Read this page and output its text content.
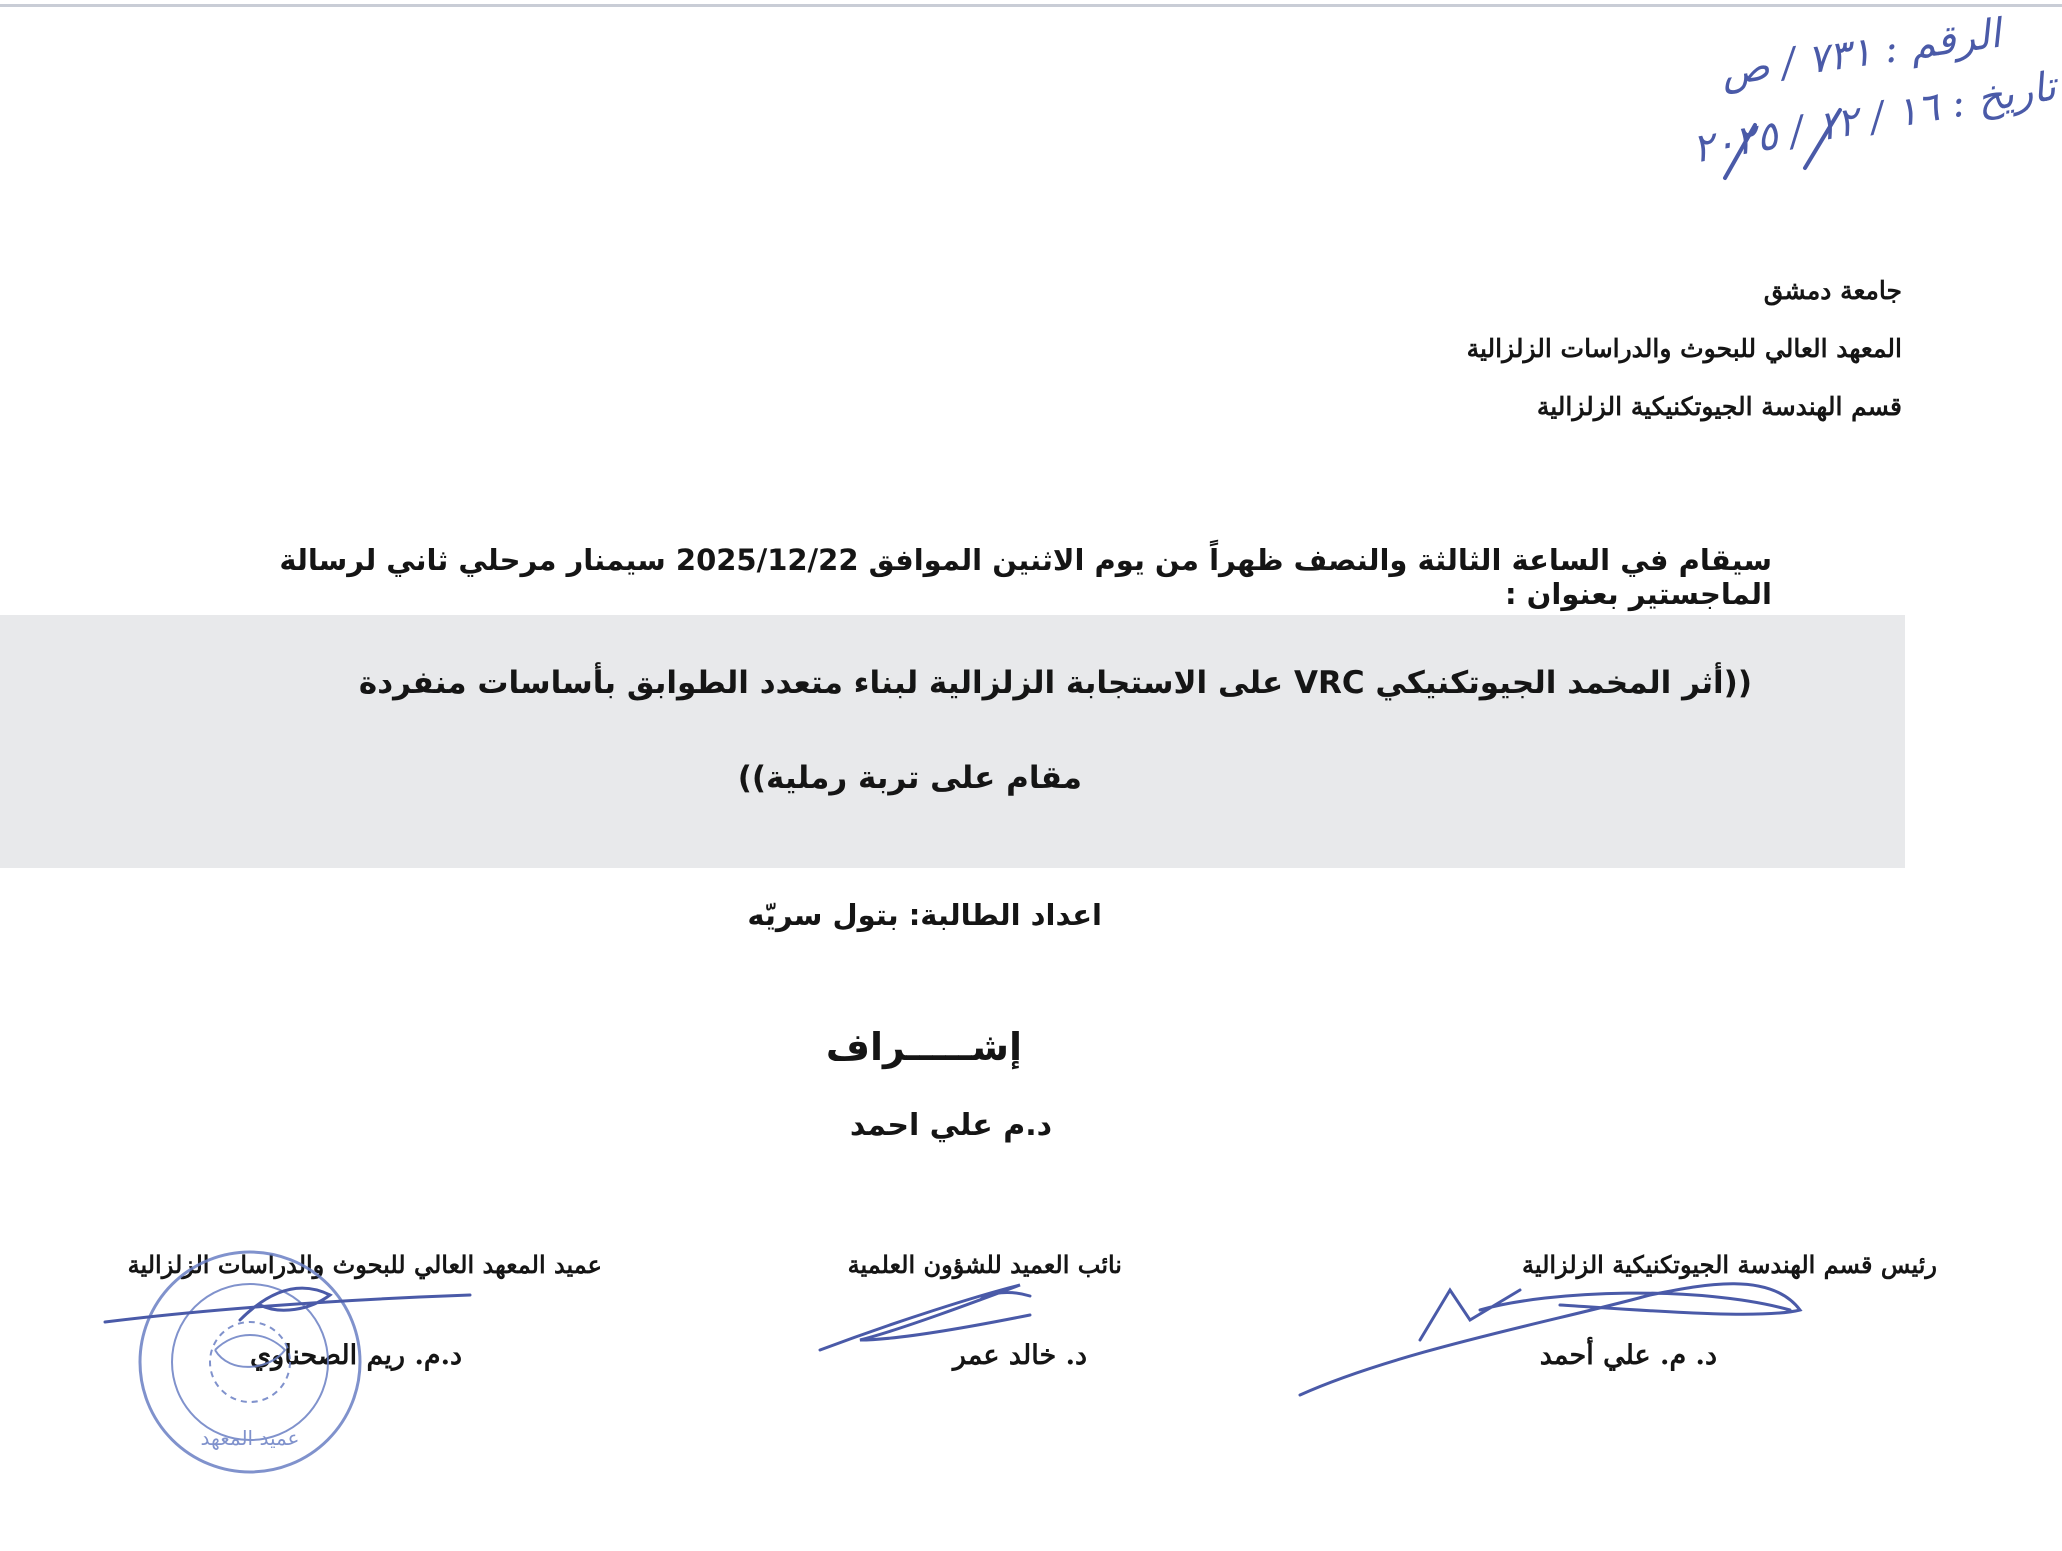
الرقم : ٧٣١ / ص
تاريخ : ١٦ / ١٢ / ٢٠٢٥
جامعة دمشق
المعهد العالي للبحوث والدراسات الزلزالية
قسم الهندسة الجيوتكنيكية الزلزالية
سيقام في الساعة الثالثة والنصف ظهراً من يوم الاثنين الموافق 2025/12/22 سيمنار مرحلي ثاني لرسالة الماجستير بعنوان :
((أثر المخمد الجيوتكنيكي VRC على الاستجابة الزلزالية لبناء متعدد الطوابق بأساسات منفردة
مقام على تربة رملية))
اعداد الطالبة: بتول سريّه
إشـــــراف
د.م علي احمد
رئيس قسم الهندسة الجيوتكنيكية الزلزالية
د. م. علي أحمد
نائب العميد للشؤون العلمية
د. خالد عمر
عميد المعهد العالي للبحوث والدراسات الزلزالية
د.م. ريم الصحناوي
عميد المعهد
